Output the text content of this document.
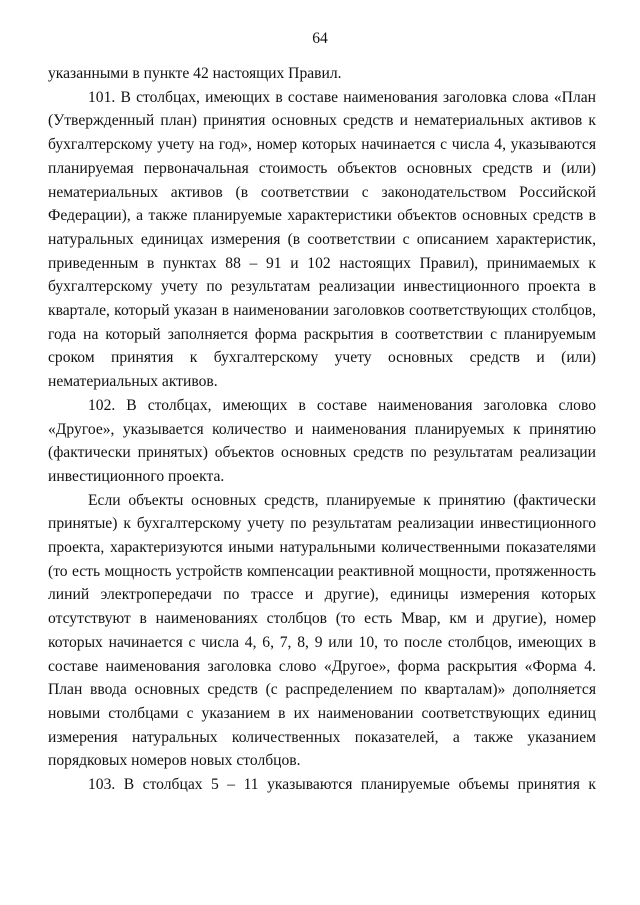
64

указанными в пункте 42 настоящих Правил.

101. В столбцах, имеющих в составе наименования заголовка слова «План (Утвержденный план) принятия основных средств и нематериальных активов к бухгалтерскому учету на год», номер которых начинается с числа 4, указываются планируемая первоначальная стоимость объектов основных средств и (или) нематериальных активов (в соответствии с законодательством Российской Федерации), а также планируемые характеристики объектов основных средств в натуральных единицах измерения (в соответствии с описанием характеристик, приведенным в пунктах 88 – 91 и 102 настоящих Правил), принимаемых к бухгалтерскому учету по результатам реализации инвестиционного проекта в квартале, который указан в наименовании заголовков соответствующих столбцов, года на который заполняется форма раскрытия в соответствии с планируемым сроком принятия к бухгалтерскому учету основных средств и (или) нематериальных активов.

102. В столбцах, имеющих в составе наименования заголовка слово «Другое», указывается количество и наименования планируемых к принятию (фактически принятых) объектов основных средств по результатам реализации инвестиционного проекта.

Если объекты основных средств, планируемые к принятию (фактически принятые) к бухгалтерскому учету по результатам реализации инвестиционного проекта, характеризуются иными натуральными количественными показателями (то есть мощность устройств компенсации реактивной мощности, протяженность линий электропередачи по трассе и другие), единицы измерения которых отсутствуют в наименованиях столбцов (то есть Мвар, км и другие), номер которых начинается с числа 4, 6, 7, 8, 9 или 10, то после столбцов, имеющих в составе наименования заголовка слово «Другое», форма раскрытия «Форма 4. План ввода основных средств (с распределением по кварталам)» дополняется новыми столбцами с указанием в их наименовании соответствующих единиц измерения натуральных количественных показателей, а также указанием порядковых номеров новых столбцов.

103. В столбцах 5 – 11 указываются планируемые объемы принятия к
